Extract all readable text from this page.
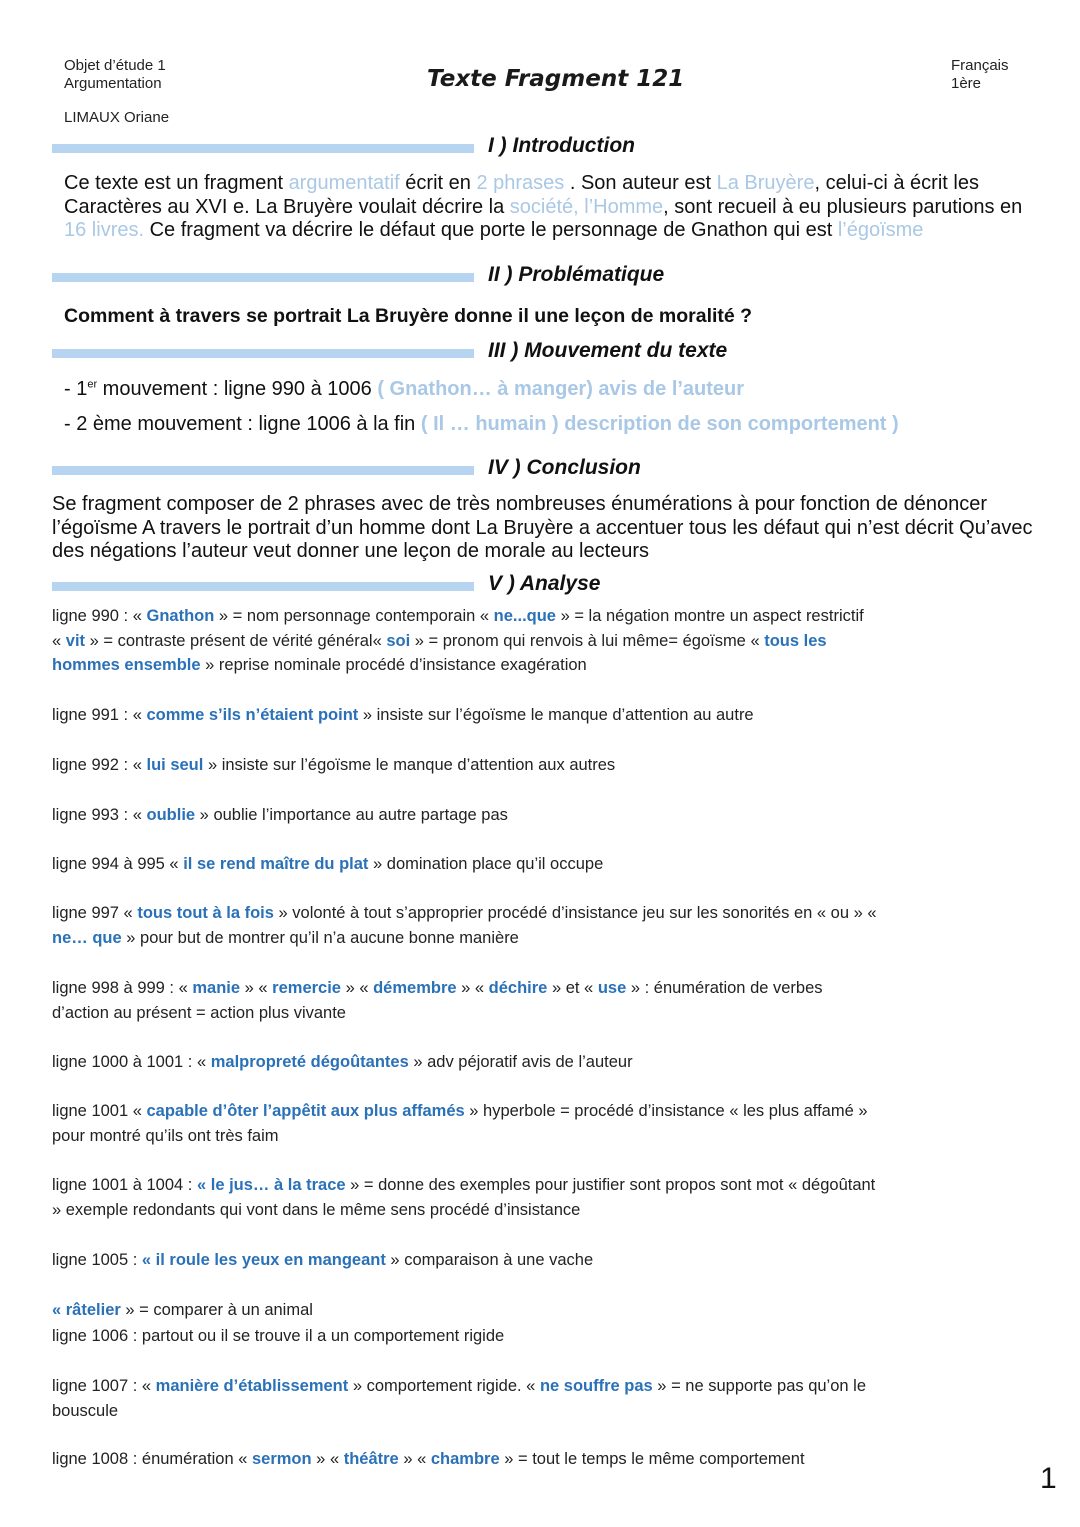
Objet d’étude 1
Argumentation
LIMAUX Oriane
Texte Fragment 121
Français
1ère
I ) Introduction
Ce texte est un fragment argumentatif écrit en 2 phrases . Son auteur est La Bruyère, celui-ci à écrit les Caractères au XVI e. La Bruyère voulait décrire la société, l’Homme, sont recueil à eu plusieurs parutions en 16 livres. Ce fragment va décrire le défaut que porte le personnage de Gnathon qui est l’égoïsme
II ) Problématique
Comment à travers se portrait La Bruyère donne il une leçon de moralité ?
III ) Mouvement du texte
- 1er mouvement : ligne 990 à 1006 ( Gnathon… à manger) avis de l’auteur
- 2 ème mouvement : ligne 1006 à la fin ( Il … humain ) description de son comportement )
IV ) Conclusion
Se fragment composer de 2 phrases avec de très nombreuses énumérations à pour fonction de dénoncer l’égoïsme A travers le portrait d’un homme dont La Bruyère a accentuer tous les défaut qui n’est décrit Qu’avec des négations l’auteur veut donner une leçon de morale au lecteurs
V ) Analyse
ligne 990 : « Gnathon » = nom personnage contemporain « ne...que » = la négation montre un aspect restrictif « vit » = contraste présent de vérité général« soi » = pronom qui renvois à lui même= égoïsme « tous les hommes ensemble » reprise nominale procédé d’insistance exagération
ligne 991 : « comme s’ils n’étaient point » insiste sur l’égoïsme le manque d’attention au autre
ligne 992 : « lui seul » insiste sur l’égoïsme le manque d’attention aux autres
ligne 993 : « oublie » oublie l’importance au autre partage pas
ligne 994 à 995 « il se rend maître du plat » domination place qu’il occupe
ligne 997 « tous tout à la fois » volonté à tout s’approprier procédé d’insistance jeu sur les sonorités en « ou » « ne… que » pour but de montrer qu’il n’a aucune bonne manière
ligne 998 à 999 : « manie » « remercie » « démembre » « déchire » et « use » : énumération de verbes d’action au présent = action plus vivante
ligne 1000 à 1001 : « malpropreté dégoûtantes » adv péjoratif avis de l’auteur
ligne 1001 « capable d’ôter l’appêtit aux plus affamés » hyperbole = procédé d’insistance « les plus affamé » pour montré qu’ils ont très faim
ligne 1001 à 1004 : « le jus… à la trace » = donne des exemples pour justifier sont propos sont mot « dégoûtant » exemple redondants qui vont dans le même sens procédé d’insistance
ligne 1005 : « il roule les yeux en mangeant » comparaison à une vache
« râtelier » = comparer à un animal
ligne 1006 : partout ou il se trouve il a un comportement rigide
ligne 1007 : « manière d’établissement » comportement rigide. « ne souffre pas » = ne supporte pas qu’on le bouscule
ligne 1008 : énumération « sermon » « théâtre » « chambre » = tout le temps le même comportement
1
